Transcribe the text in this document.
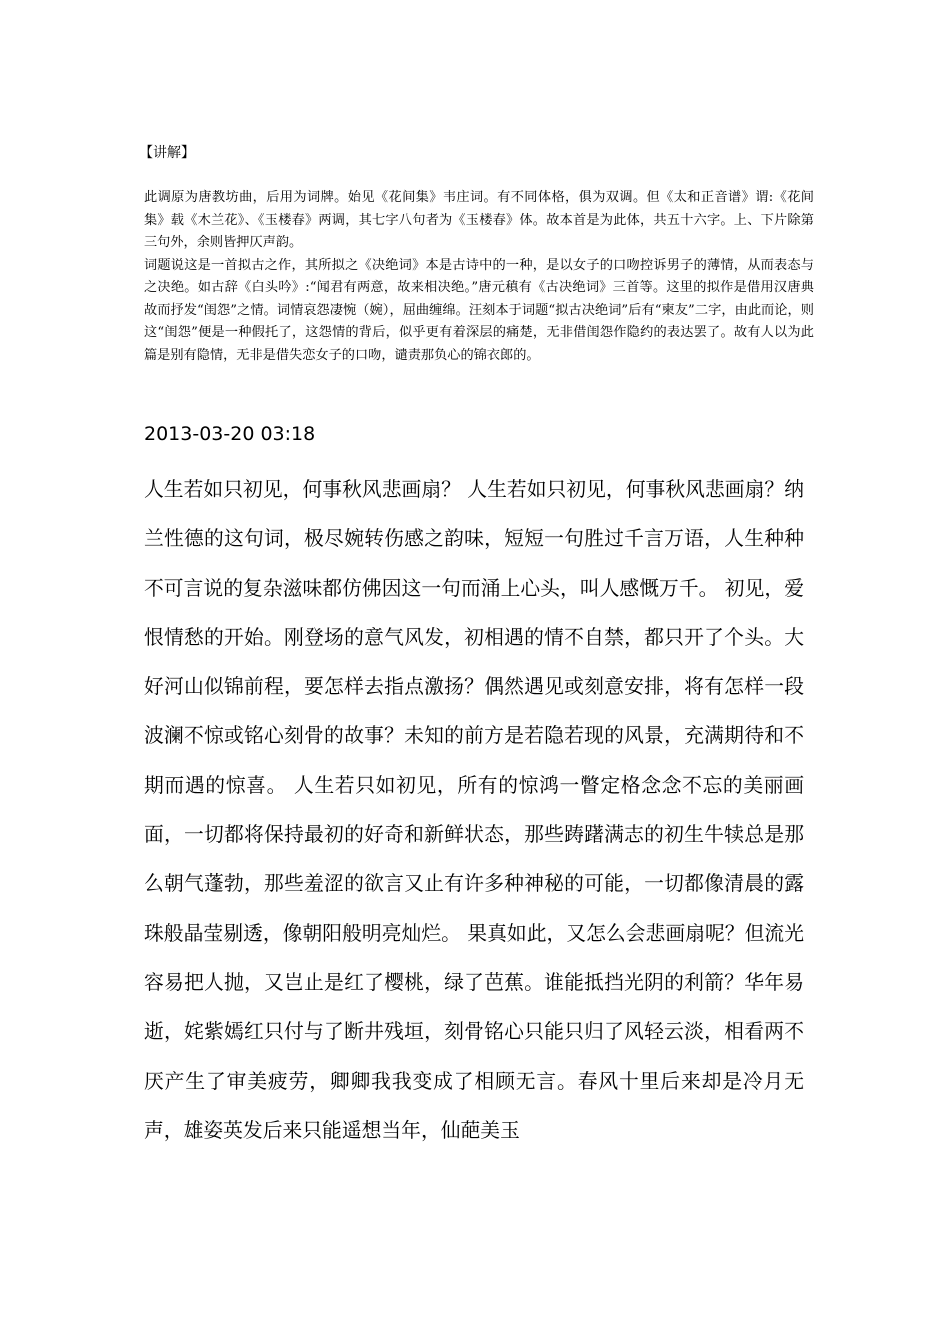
【讲解】

此调原为唐教坊曲，后用为词牌。始见《花间集》韦庄词。有不同体格，俱为双调。但《太和正音谱》谓:《花间集》载《木兰花》、《玉楼春》两调，其七字八句者为《玉楼春》体。故本首是为此体，共五十六字。上、下片除第三句外，余则皆押仄声韵。

词题说这是一首拟古之作，其所拟之《决绝词》本是古诗中的一种，是以女子的口吻控诉男子的薄情，从而表态与之决绝。如古辞《白头吟》:“闻君有两意，故来相决绝。”唐元稹有《古决绝词》三首等。这里的拟作是借用汉唐典故而抒发“闺怨”之情。词情哀怨凄惋（婉），屈曲缠绵。汪刻本于词题“拟古决绝词”后有“柬友”二字，由此而论，则这“闺怨”便是一种假托了，这怨情的背后，似乎更有着深层的痛楚，无非借闺怨作隐约的表达罢了。故有人以为此篇是别有隐情，无非是借失恋女子的口吻，谴责那负心的锦衣郎的。

2013-03-20 03:18

人生若如只初见，何事秋风悲画扇？ 人生若如只初见，何事秋风悲画扇？纳兰性德的这句词，极尽婉转伤感之韵味，短短一句胜过千言万语，人生种种不可言说的复杂滋味都仿佛因这一句而涌上心头，叫人感慨万千。 初见，爱恨情愁的开始。刚登场的意气风发，初相遇的情不自禁，都只开了个头。大好河山似锦前程，要怎样去指点激扬？偶然遇见或刻意安排，将有怎样一段波澜不惊或铭心刻骨的故事？未知的前方是若隐若现的风景，充满期待和不期而遇的惊喜。 人生若只如初见，所有的惊鸿一瞥定格念念不忘的美丽画面，一切都将保持最初的好奇和新鲜状态，那些踌躇满志的初生牛犊总是那么朝气蓬勃，那些羞涩的欲言又止有许多种神秘的可能，一切都像清晨的露珠般晶莹剔透，像朝阳般明亮灿烂。 果真如此，又怎么会悲画扇呢？但流光容易把人抛，又岂止是红了樱桃，绿了芭蕉。谁能抵挡光阴的利箭？华年易逝，姹紫嫣红只付与了断井残垣，刻骨铭心只能只归了风轻云淡，相看两不厌产生了审美疲劳，卿卿我我变成了相顾无言。春风十里后来却是冷月无声，雄姿英发后来只能遥想当年，仙葩美玉
